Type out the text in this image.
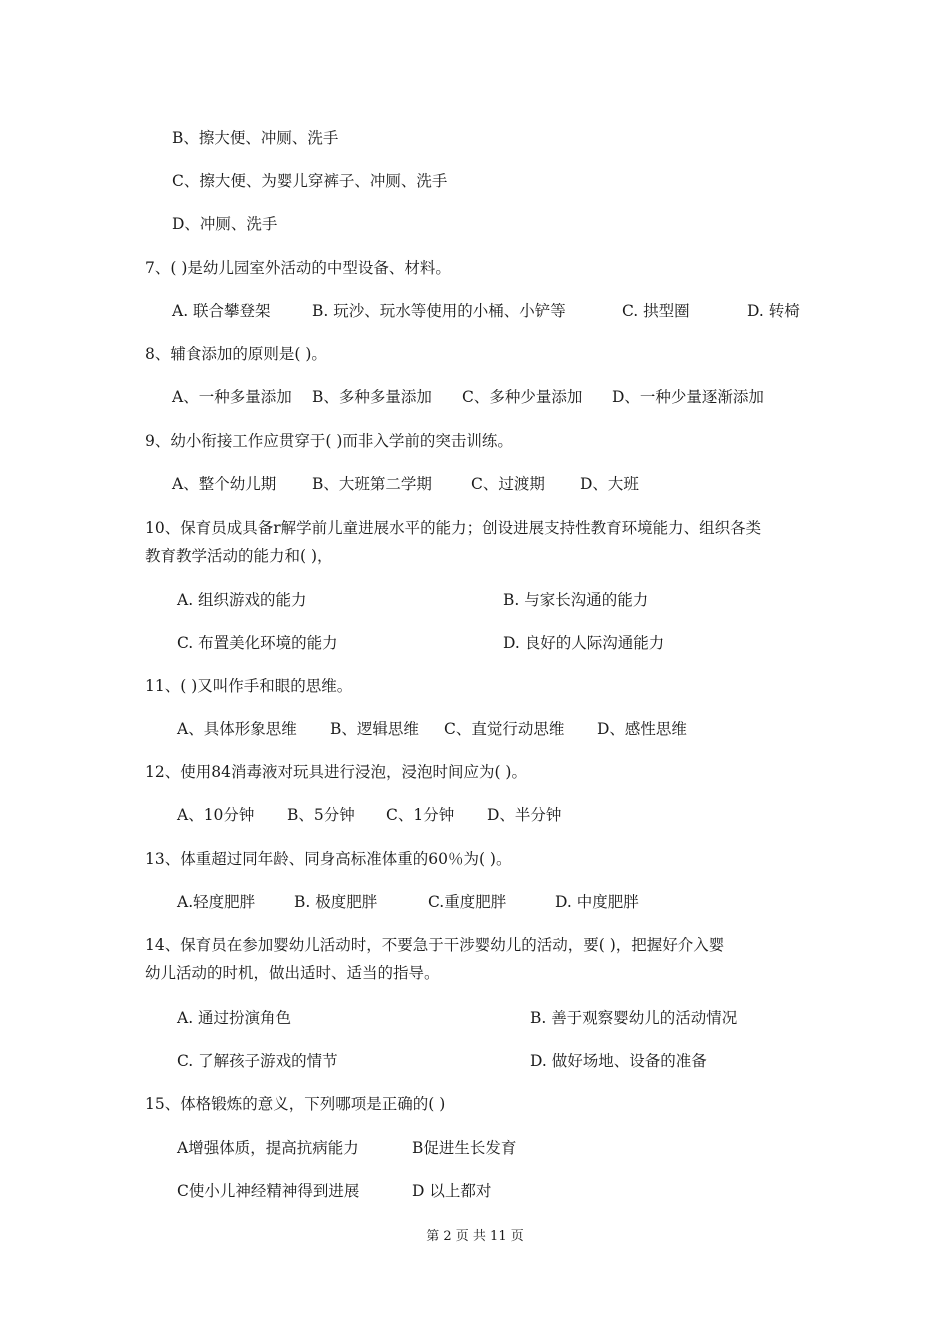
B、擦大便、冲厕、洗手
C、擦大便、为婴儿穿裤子、冲厕、洗手
D、冲厕、洗手
7、( )是幼儿园室外活动的中型设备、材料。
A. 联合攀登架	B. 玩沙、玩水等使用的小桶、小铲等	C. 拱型圈	D. 转椅
8、辅食添加的原则是( )。
A、一种多量添加 B、多种多量添加 C、多种少量添加 D、一种少量逐渐添加
9、幼小衔接工作应贯穿于( )而非入学前的突击训练。
A、整个幼儿期 B、大班第二学期	C、过渡期 D、大班
10、保育员成具备r解学前儿童进展水平的能力；创设进展支持性教育环境能力、组织各类
教育教学活动的能力和( )，
A. 组织游戏的能力	B. 与家长沟通的能力
C. 布置美化环境的能力	D. 良好的人际沟通能力
11、( )又叫作手和眼的思维。
A、具体形象思维 B、逻辑思维 C、直觉行动思维 D、感性思维
12、使用84消毒液对玩具进行浸泡，浸泡时间应为( )。
A、10分钟 B、5分钟 C、1分钟 D、半分钟
13、体重超过同年龄、同身高标准体重的60％为( )。
A.轻度肥胖	B. 极度肥胖	C.重度肥胖	D. 中度肥胖
14、保育员在参加婴幼儿活动时，不要急于干涉婴幼儿的活动，要( )，把握好介入婴
幼儿活动的时机，做出适时、适当的指导。
A. 通过扮演角色	B. 善于观察婴幼儿的活动情况
C. 了解孩子游戏的情节	D. 做好场地、设备的准备
15、体格锻炼的意义，下列哪项是正确的( )
A增强体质，提高抗病能力	B促进生长发育
C使小儿神经精神得到进展	D 以上都对
第 2 页 共 11 页
